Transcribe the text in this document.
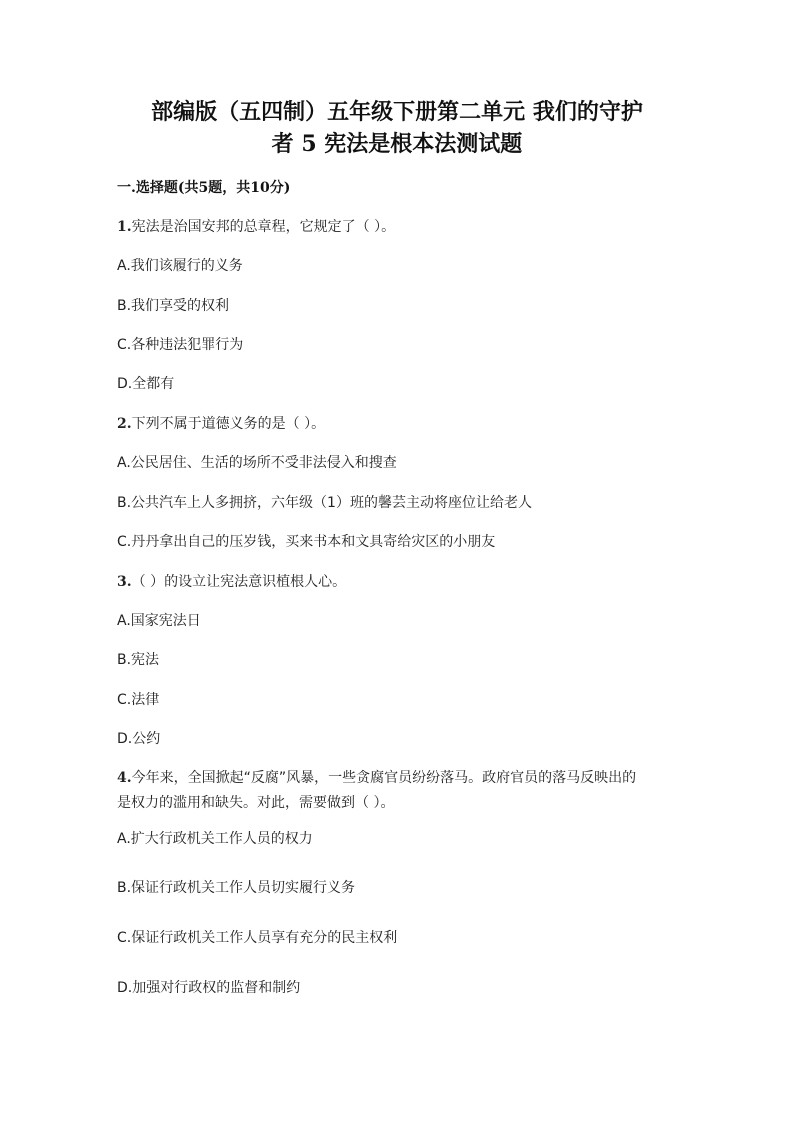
部编版（五四制）五年级下册第二单元 我们的守护
者 5 宪法是根本法测试题
一.选择题(共5题，共10分)
1.宪法是治国安邦的总章程，它规定了（ ）。
A.我们该履行的义务
B.我们享受的权利
C.各种违法犯罪行为
D.全都有
2.下列不属于道德义务的是（ ）。
A.公民居住、生活的场所不受非法侵入和搜查
B.公共汽车上人多拥挤，六年级（1）班的馨芸主动将座位让给老人
C.丹丹拿出自己的压岁钱，买来书本和文具寄给灾区的小朋友
3.（ ）的设立让宪法意识植根人心。
A.国家宪法日
B.宪法
C.法律
D.公约
4.今年来，全国掀起“反腐”风暴，一些贪腐官员纷纷落马。政府官员的落马反映出的是权力的滥用和缺失。对此，需要做到（ ）。
A.扩大行政机关工作人员的权力
B.保证行政机关工作人员切实履行义务
C.保证行政机关工作人员享有充分的民主权利
D.加强对行政权的监督和制约
